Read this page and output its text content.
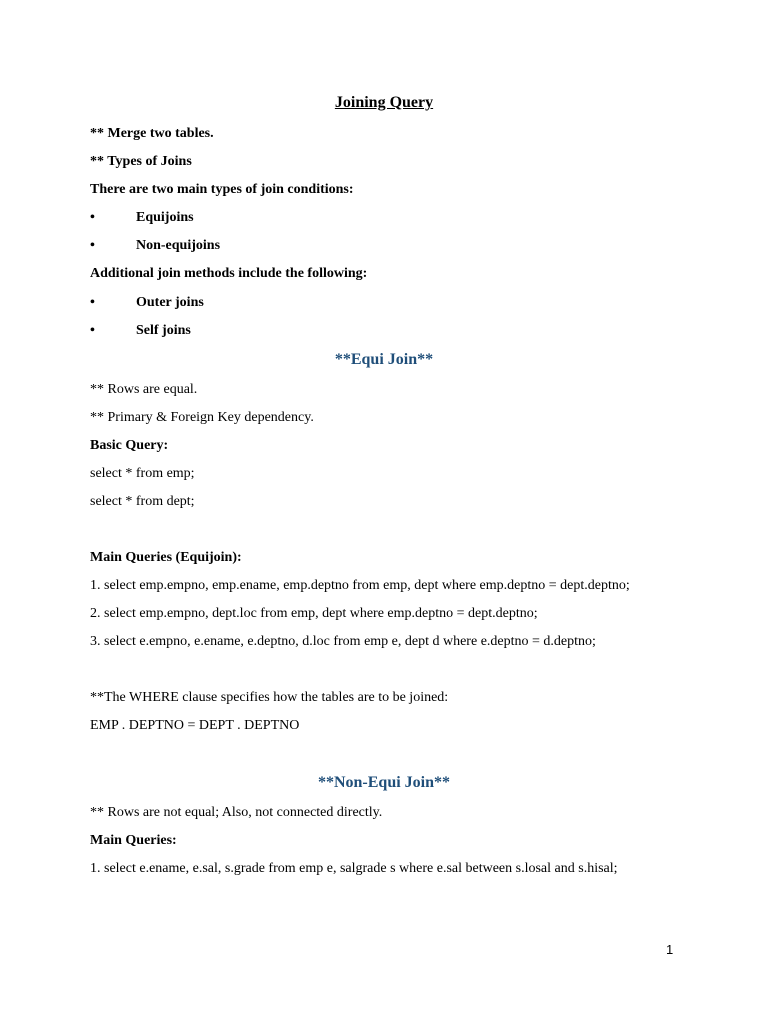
Joining Query
** Merge two tables.
** Types of Joins
There are two main types of join conditions:
•	Equijoins
•	Non-equijoins
Additional join methods include the following:
•	Outer joins
•	Self joins
**Equi Join**
** Rows are equal.
** Primary & Foreign Key dependency.
Basic Query:
select * from emp;
select * from dept;
Main Queries (Equijoin):
1. select emp.empno, emp.ename, emp.deptno from emp, dept where emp.deptno = dept.deptno;
2. select emp.empno, dept.loc from emp, dept where emp.deptno = dept.deptno;
3. select e.empno, e.ename, e.deptno, d.loc from emp e, dept d where e.deptno = d.deptno;
**The WHERE clause specifies how the tables are to be joined:
EMP . DEPTNO = DEPT . DEPTNO
**Non-Equi Join**
** Rows are not equal; Also, not connected directly.
Main Queries:
1. select e.ename, e.sal, s.grade from emp e, salgrade s where e.sal between s.losal and s.hisal;
1
